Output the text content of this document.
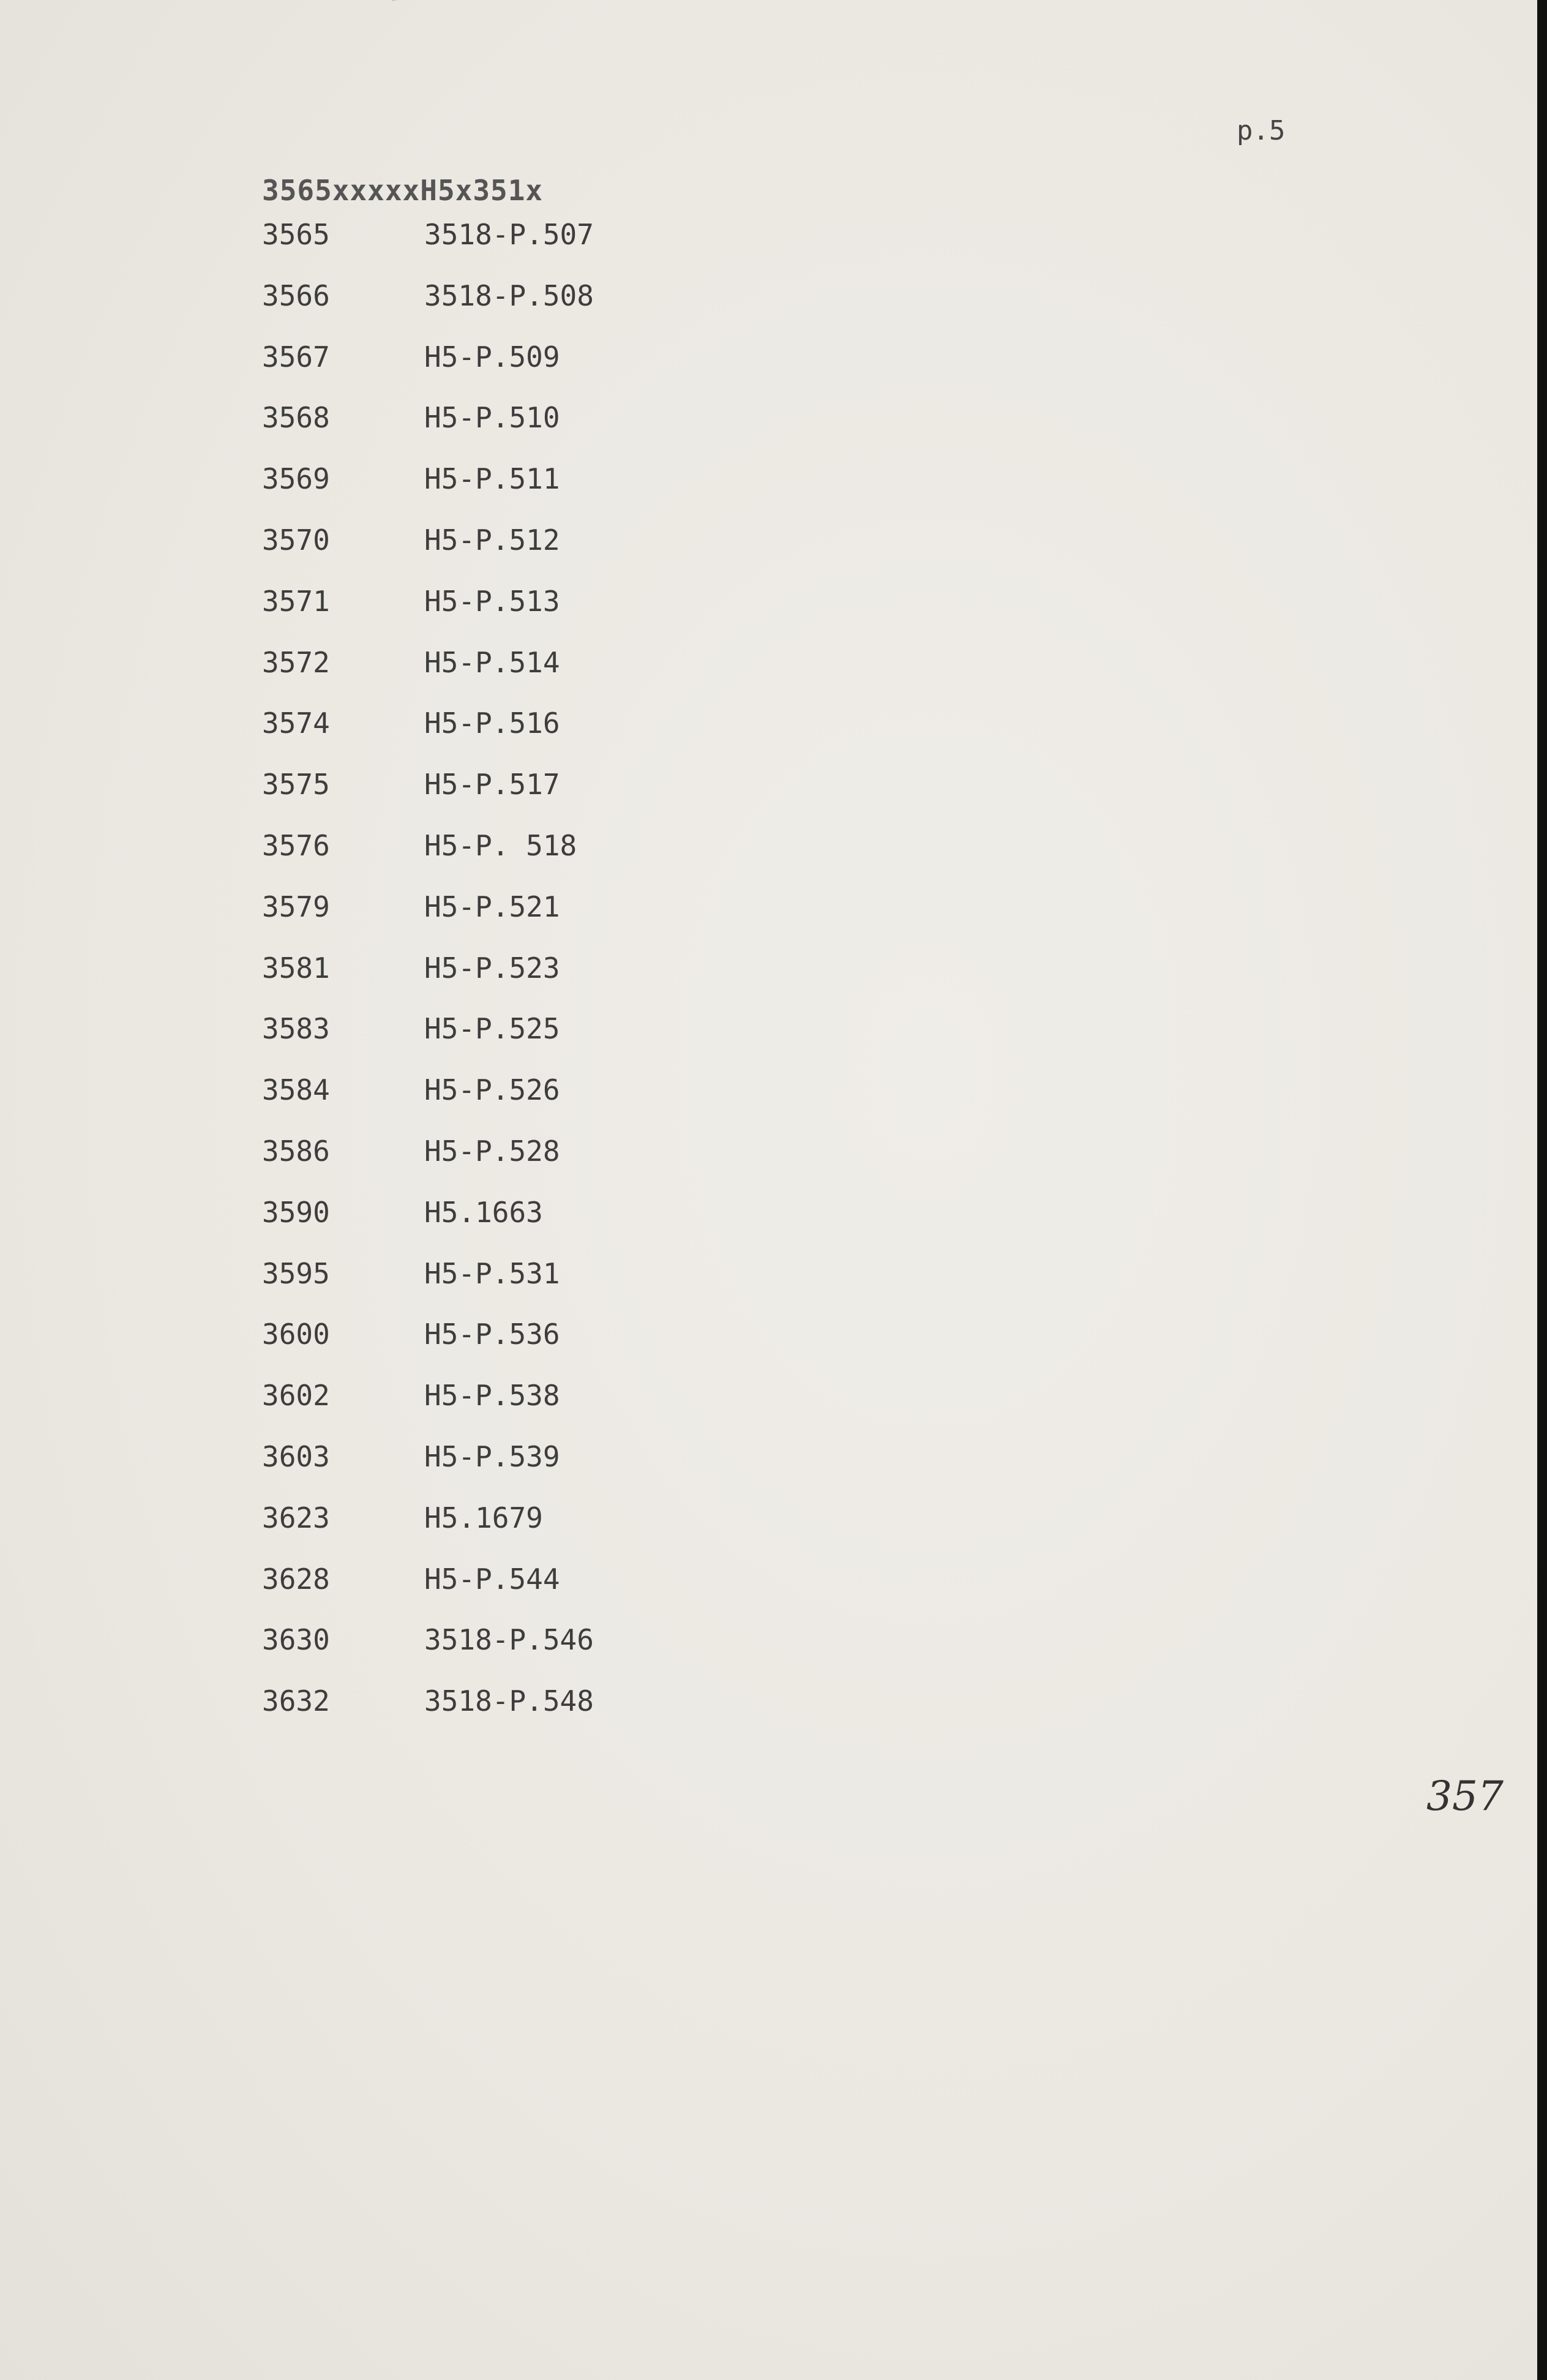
p.5
3565xxxxxH5x351x
3565	3518-P.507
3566	3518-P.508
3567	H5-P.509
3568	H5-P.510
3569	H5-P.511
3570	H5-P.512
3571	H5-P.513
3572	H5-P.514
3574	H5-P.516
3575	H5-P.517
3576	H5-P. 518
3579	H5-P.521
3581	H5-P.523
3583	H5-P.525
3584	H5-P.526
3586	H5-P.528
3590	H5.1663
3595	H5-P.531
3600	H5-P.536
3602	H5-P.538
3603	H5-P.539
3623	H5.1679
3628	H5-P.544
3630	3518-P.546
3632	3518-P.548
357
